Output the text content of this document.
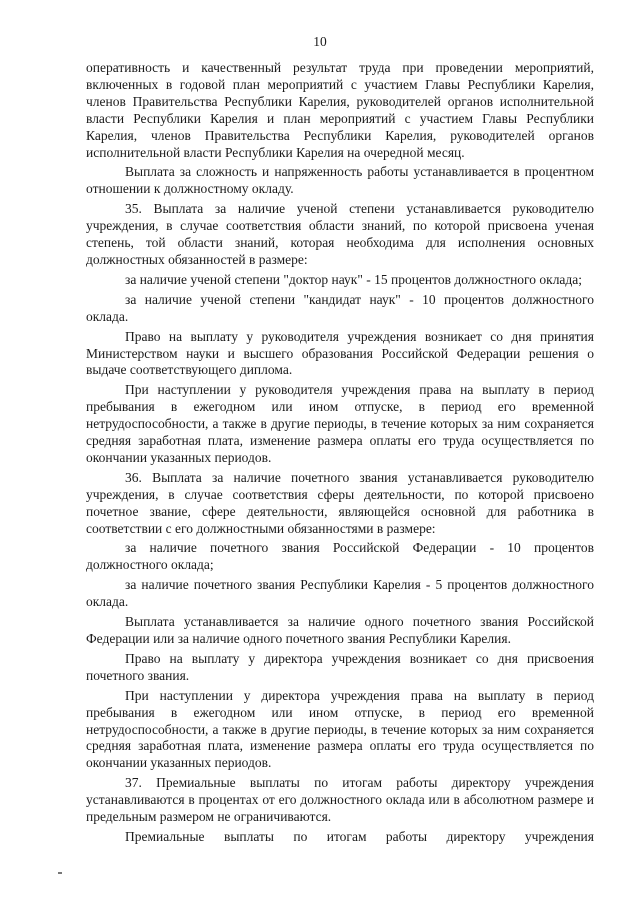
10

оперативность и качественный результат труда при проведении мероприятий, включенных в годовой план мероприятий с участием Главы Республики Карелия, членов Правительства Республики Карелия, руководителей органов исполнительной власти Республики Карелия и план мероприятий с участием Главы Республики Карелия, членов Правительства Республики Карелия, руководителей органов исполнительной власти Республики Карелия на очередной месяц.

Выплата за сложность и напряженность работы устанавливается в процентном отношении к должностному окладу.

35. Выплата за наличие ученой степени устанавливается руководителю учреждения, в случае соответствия области знаний, по которой присвоена ученая степень, той области знаний, которая необходима для исполнения основных должностных обязанностей в размере:

за наличие ученой степени "доктор наук" - 15 процентов должностного оклада;

за наличие ученой степени "кандидат наук" - 10 процентов должностного оклада.

Право на выплату у руководителя учреждения возникает со дня принятия Министерством науки и высшего образования Российской Федерации решения о выдаче соответствующего диплома.

При наступлении у руководителя учреждения права на выплату в период пребывания в ежегодном или ином отпуске, в период его временной нетрудоспособности, а также в другие периоды, в течение которых за ним сохраняется средняя заработная плата, изменение размера оплаты его труда осуществляется по окончании указанных периодов.

36. Выплата за наличие почетного звания устанавливается руководителю учреждения, в случае соответствия сферы деятельности, по которой присвоено почетное звание, сфере деятельности, являющейся основной для работника в соответствии с его должностными обязанностями в размере:

за наличие почетного звания Российской Федерации - 10 процентов должностного оклада;

за наличие почетного звания Республики Карелия - 5 процентов должностного оклада.

Выплата устанавливается за наличие одного почетного звания Российской Федерации или за наличие одного почетного звания Республики Карелия.

Право на выплату у директора учреждения возникает со дня присвоения почетного звания.

При наступлении у директора учреждения права на выплату в период пребывания в ежегодном или ином отпуске, в период его временной нетрудоспособности, а также в другие периоды, в течение которых за ним сохраняется средняя заработная плата, изменение размера оплаты его труда осуществляется по окончании указанных периодов.

37. Премиальные выплаты по итогам работы директору учреждения устанавливаются в процентах от его должностного оклада или в абсолютном размере и предельным размером не ограничиваются.

Премиальные выплаты по итогам работы директору учреждения
